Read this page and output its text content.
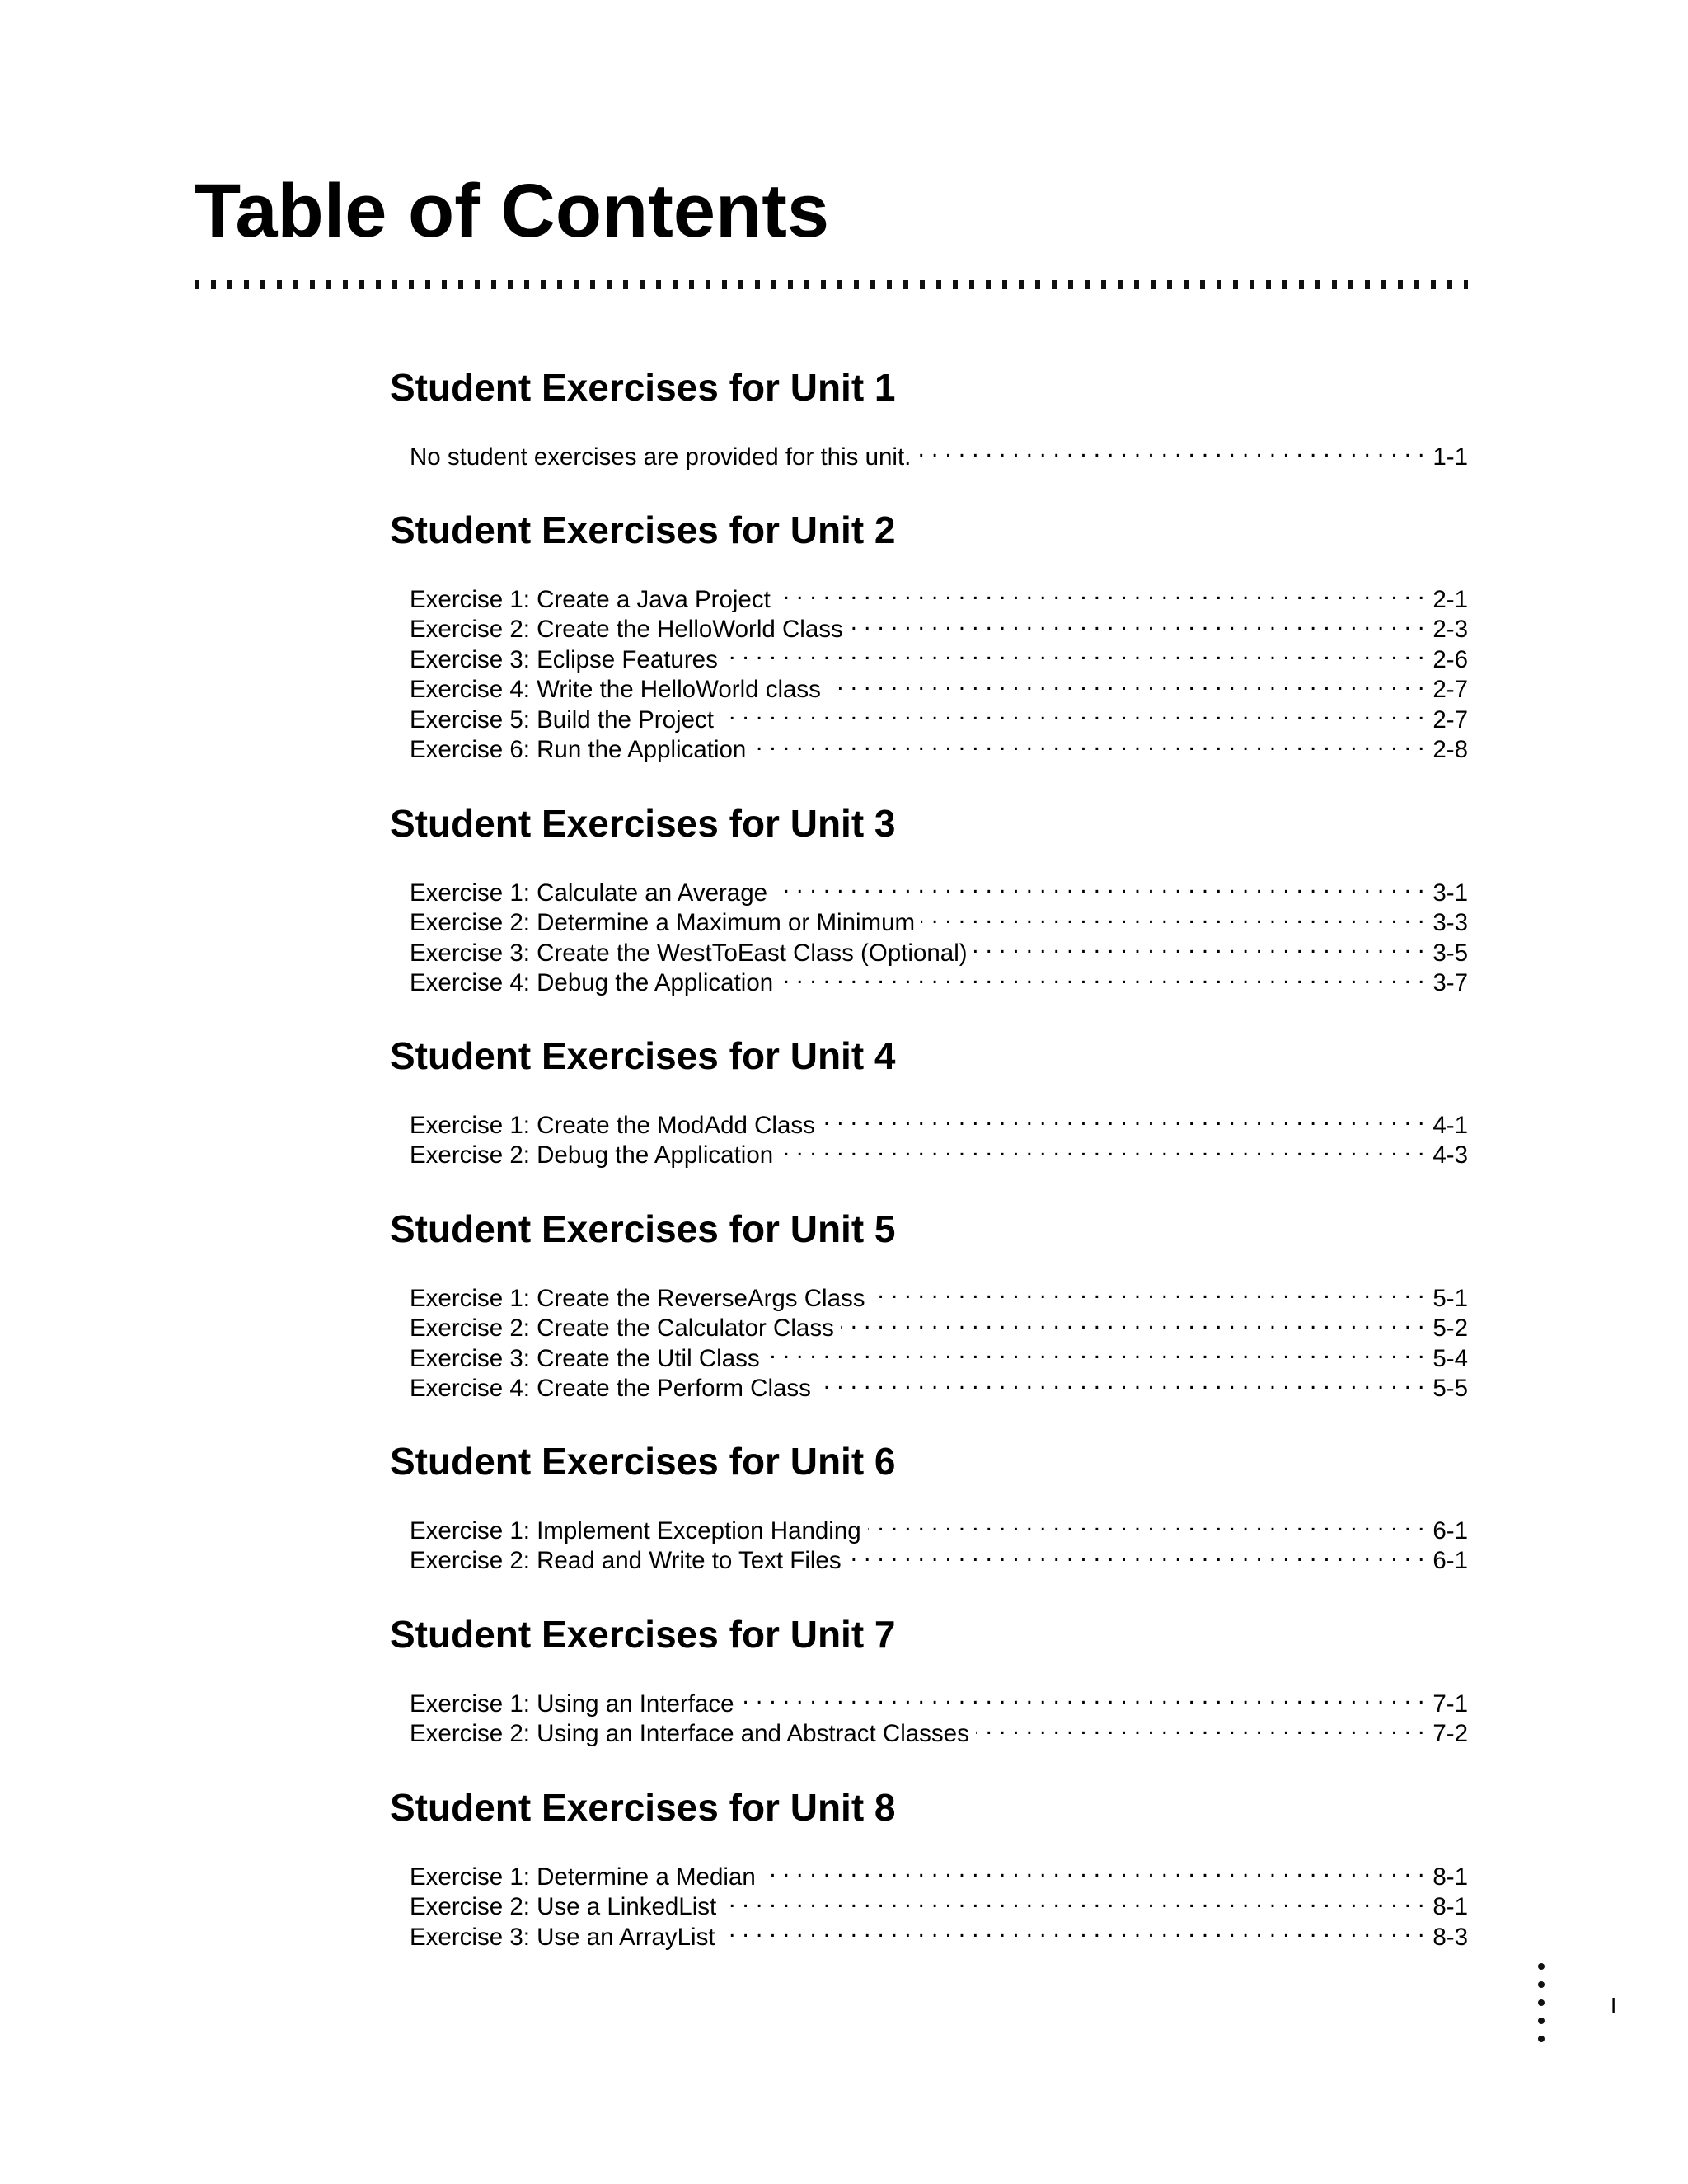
Table of Contents
Student Exercises for Unit 1
No student exercises are provided for this unit. . . .	1-1
Student Exercises for Unit 2
Exercise 1: Create a Java Project . . .	2-1
Exercise 2: Create the HelloWorld Class . . .	2-3
Exercise 3: Eclipse Features . . .	2-6
Exercise 4: Write the HelloWorld class . . .	2-7
Exercise 5: Build the Project . . .	2-7
Exercise 6: Run the Application . . .	2-8
Student Exercises for Unit 3
Exercise 1: Calculate an Average . . .	3-1
Exercise 2: Determine a Maximum or Minimum . . .	3-3
Exercise 3: Create the WestToEast Class (Optional) . . .	3-5
Exercise 4: Debug the Application . . .	3-7
Student Exercises for Unit 4
Exercise 1: Create the ModAdd Class . . .	4-1
Exercise 2: Debug the Application . . .	4-3
Student Exercises for Unit 5
Exercise 1: Create the ReverseArgs Class . . .	5-1
Exercise 2: Create the Calculator Class . . .	5-2
Exercise 3: Create the Util Class . . .	5-4
Exercise 4: Create the Perform Class . . .	5-5
Student Exercises for Unit 6
Exercise 1: Implement Exception Handing . . .	6-1
Exercise 2: Read and Write to Text Files . . .	6-1
Student Exercises for Unit 7
Exercise 1: Using an Interface . . .	7-1
Exercise 2: Using an Interface and Abstract Classes . . .	7-2
Student Exercises for Unit 8
Exercise 1: Determine a Median . . .	8-1
Exercise 2: Use a LinkedList . . .	8-1
Exercise 3: Use an ArrayList . . .	8-3
I
